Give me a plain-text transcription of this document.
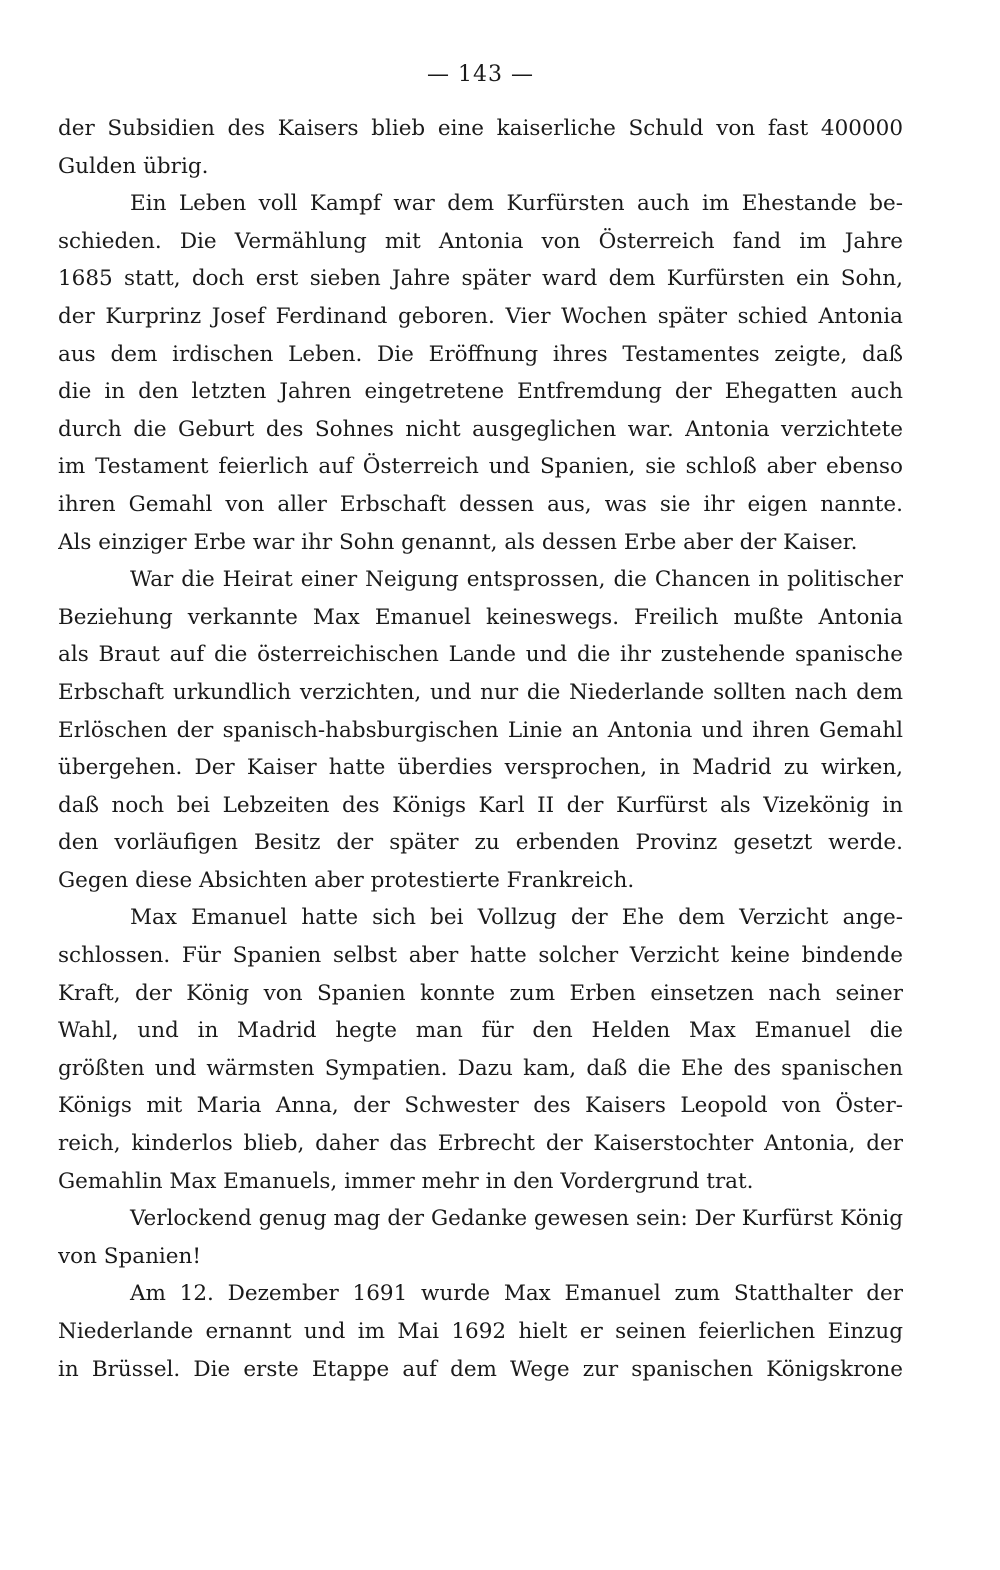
— 143 —
der Subsidien des Kaisers blieb eine kaiserliche Schuld von fast 400000
Gulden übrig.
Ein Leben voll Kampf war dem Kurfürsten auch im Ehestande be-
schieden. Die Vermählung mit Antonia von Österreich fand im Jahre
1685 statt, doch erst sieben Jahre später ward dem Kurfürsten ein Sohn,
der Kurprinz Josef Ferdinand geboren. Vier Wochen später schied Antonia
aus dem irdischen Leben. Die Eröffnung ihres Testamentes zeigte, daß
die in den letzten Jahren eingetretene Entfremdung der Ehegatten auch
durch die Geburt des Sohnes nicht ausgeglichen war. Antonia verzichtete
im Testament feierlich auf Österreich und Spanien, sie schloß aber ebenso
ihren Gemahl von aller Erbschaft dessen aus, was sie ihr eigen nannte.
Als einziger Erbe war ihr Sohn genannt, als dessen Erbe aber der Kaiser.
War die Heirat einer Neigung entsprossen, die Chancen in politischer
Beziehung verkannte Max Emanuel keineswegs. Freilich mußte Antonia
als Braut auf die österreichischen Lande und die ihr zustehende spanische
Erbschaft urkundlich verzichten, und nur die Niederlande sollten nach dem
Erlöschen der spanisch-habsburgischen Linie an Antonia und ihren Gemahl
übergehen. Der Kaiser hatte überdies versprochen, in Madrid zu wirken,
daß noch bei Lebzeiten des Königs Karl II der Kurfürst als Vizekönig in
den vorläufigen Besitz der später zu erbenden Provinz gesetzt werde.
Gegen diese Absichten aber protestierte Frankreich.
Max Emanuel hatte sich bei Vollzug der Ehe dem Verzicht ange-
schlossen. Für Spanien selbst aber hatte solcher Verzicht keine bindende
Kraft, der König von Spanien konnte zum Erben einsetzen nach seiner
Wahl, und in Madrid hegte man für den Helden Max Emanuel die
größten und wärmsten Sympatien. Dazu kam, daß die Ehe des spanischen
Königs mit Maria Anna, der Schwester des Kaisers Leopold von Öster-
reich, kinderlos blieb, daher das Erbrecht der Kaiserstochter Antonia, der
Gemahlin Max Emanuels, immer mehr in den Vordergrund trat.
Verlockend genug mag der Gedanke gewesen sein: Der Kurfürst König
von Spanien!
Am 12. Dezember 1691 wurde Max Emanuel zum Statthalter der
Niederlande ernannt und im Mai 1692 hielt er seinen feierlichen Einzug
in Brüssel. Die erste Etappe auf dem Wege zur spanischen Königskrone
